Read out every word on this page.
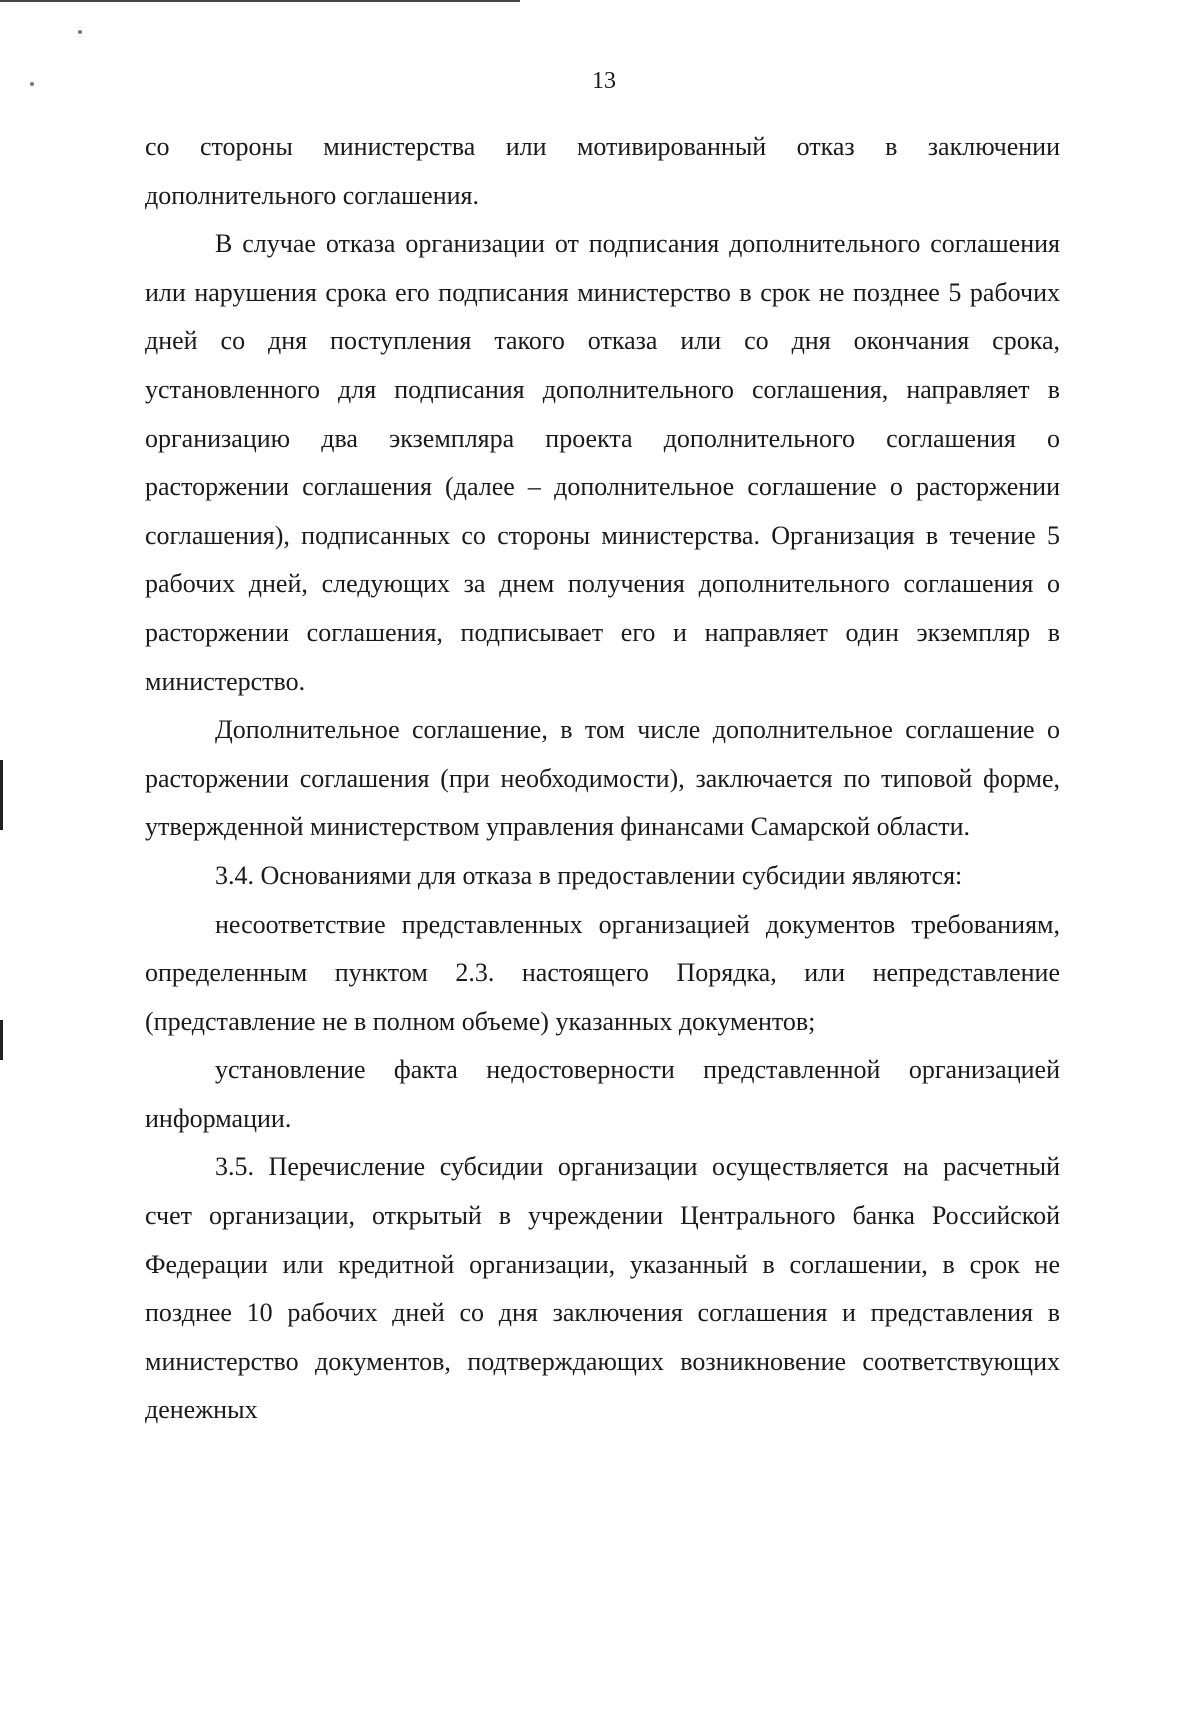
13

со стороны министерства или мотивированный отказ в заключении дополнительного соглашения.

В случае отказа организации от подписания дополнительного соглашения или нарушения срока его подписания министерство в срок не позднее 5 рабочих дней со дня поступления такого отказа или со дня окончания срока, установленного для подписания дополнительного соглашения, направляет в организацию два экземпляра проекта дополнительного соглашения о расторжении соглашения (далее – дополнительное соглашение о расторжении соглашения), подписанных со стороны министерства. Организация в течение 5 рабочих дней, следующих за днем получения дополнительного соглашения о расторжении соглашения, подписывает его и направляет один экземпляр в министерство.

Дополнительное соглашение, в том числе дополнительное соглашение о расторжении соглашения (при необходимости), заключается по типовой форме, утвержденной министерством управления финансами Самарской области.

3.4. Основаниями для отказа в предоставлении субсидии являются:

несоответствие представленных организацией документов требованиям, определенным пунктом 2.3. настоящего Порядка, или непредставление (представление не в полном объеме) указанных документов;

установление факта недостоверности представленной организацией информации.

3.5. Перечисление субсидии организации осуществляется на расчетный счет организации, открытый в учреждении Центрального банка Российской Федерации или кредитной организации, указанный в соглашении, в срок не позднее 10 рабочих дней со дня заключения соглашения и представления в министерство документов, подтверждающих возникновение соответствующих денежных
